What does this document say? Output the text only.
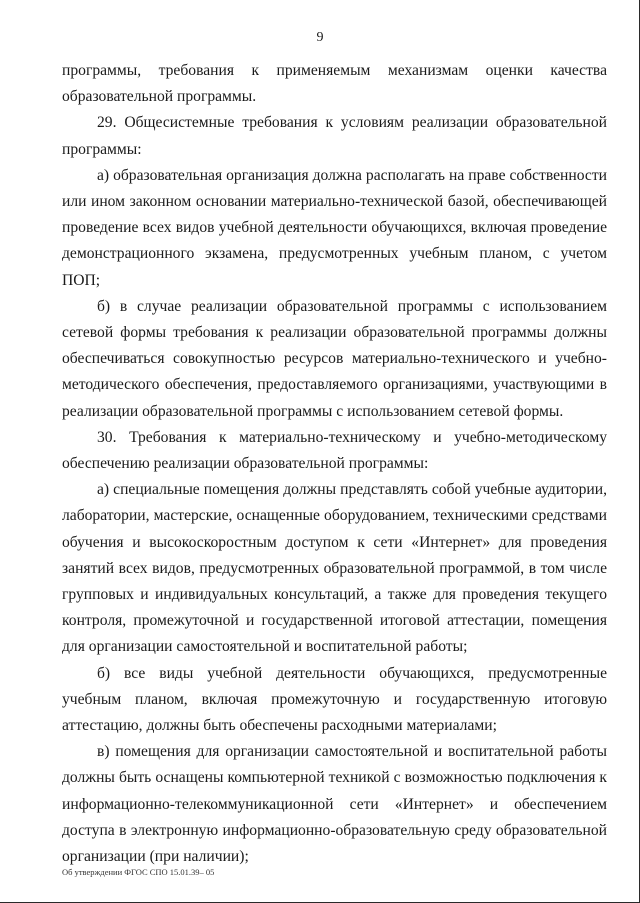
9

программы, требования к применяемым механизмам оценки качества образовательной программы.

29. Общесистемные требования к условиям реализации образовательной программы:

а) образовательная организация должна располагать на праве собственности или ином законном основании материально-технической базой, обеспечивающей проведение всех видов учебной деятельности обучающихся, включая проведение демонстрационного экзамена, предусмотренных учебным планом, с учетом ПОП;

б) в случае реализации образовательной программы с использованием сетевой формы требования к реализации образовательной программы должны обеспечиваться совокупностью ресурсов материально-технического и учебно-методического обеспечения, предоставляемого организациями, участвующими в реализации образовательной программы с использованием сетевой формы.

30. Требования к материально-техническому и учебно-методическому обеспечению реализации образовательной программы:

а) специальные помещения должны представлять собой учебные аудитории, лаборатории, мастерские, оснащенные оборудованием, техническими средствами обучения и высокоскоростным доступом к сети «Интернет» для проведения занятий всех видов, предусмотренных образовательной программой, в том числе групповых и индивидуальных консультаций, а также для проведения текущего контроля, промежуточной и государственной итоговой аттестации, помещения для организации самостоятельной и воспитательной работы;

б) все виды учебной деятельности обучающихся, предусмотренные учебным планом, включая промежуточную и государственную итоговую аттестацию, должны быть обеспечены расходными материалами;

в) помещения для организации самостоятельной и воспитательной работы должны быть оснащены компьютерной техникой с возможностью подключения к информационно-телекоммуникационной сети «Интернет» и обеспечением доступа в электронную информационно-образовательную среду образовательной организации (при наличии);

Об утверждении ФГОС СПО 15.01.39– 05
